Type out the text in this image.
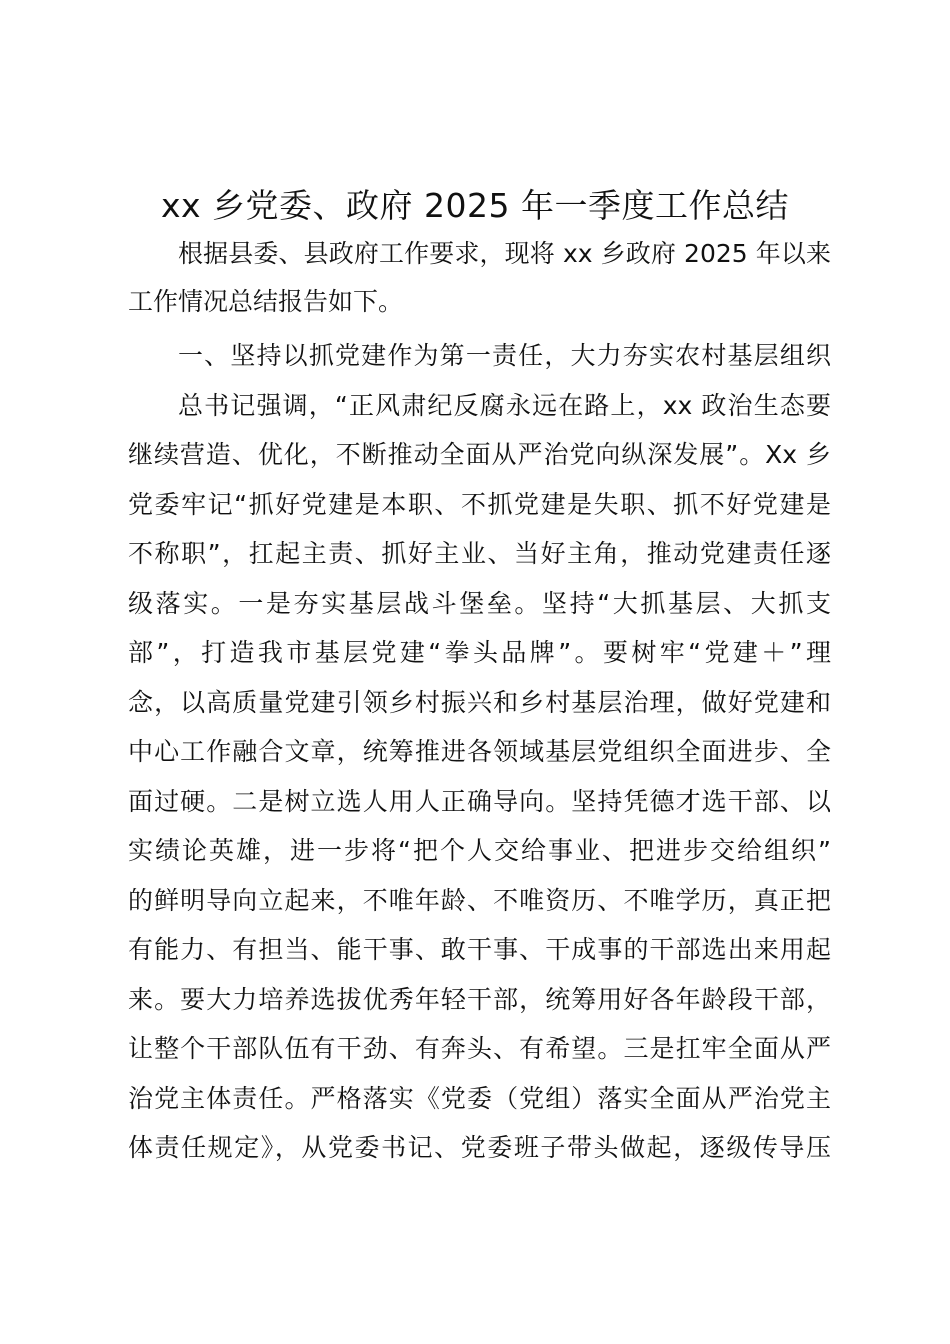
xx 乡党委、政府 2025 年一季度工作总结
根据县委、县政府工作要求，现将 xx 乡政府 2025 年以来
工作情况总结报告如下。
一、坚持以抓党建作为第一责任，大力夯实农村基层组织
总书记强调，“正风肃纪反腐永远在路上，xx 政治生态要
继续营造、优化，不断推动全面从严治党向纵深发展”。Xx 乡
党委牢记“抓好党建是本职、不抓党建是失职、抓不好党建是
不称职”，扛起主责、抓好主业、当好主角，推动党建责任逐
级落实。一是夯实基层战斗堡垒。坚持“大抓基层、大抓支
部”，打造我市基层党建“拳头品牌”。要树牢“党建＋”理
念，以高质量党建引领乡村振兴和乡村基层治理，做好党建和
中心工作融合文章，统筹推进各领域基层党组织全面进步、全
面过硬。二是树立选人用人正确导向。坚持凭德才选干部、以
实绩论英雄，进一步将“把个人交给事业、把进步交给组织”
的鲜明导向立起来，不唯年龄、不唯资历、不唯学历，真正把
有能力、有担当、能干事、敢干事、干成事的干部选出来用起
来。要大力培养选拔优秀年轻干部，统筹用好各年龄段干部，
让整个干部队伍有干劲、有奔头、有希望。三是扛牢全面从严
治党主体责任。严格落实《党委（党组）落实全面从严治党主
体责任规定》，从党委书记、党委班子带头做起，逐级传导压
